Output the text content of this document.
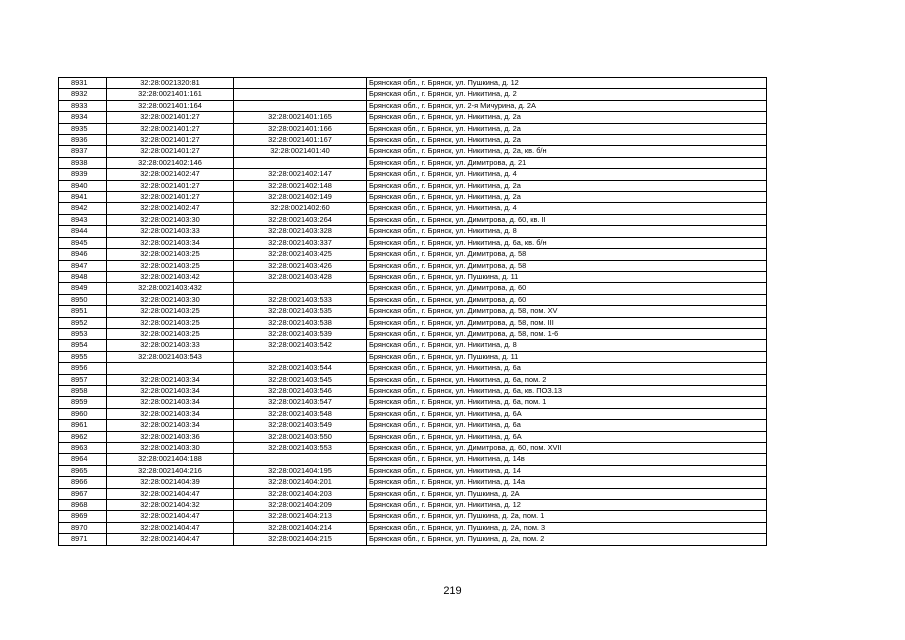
8931	32:28:0021320:81		Брянская обл., г. Брянск, ул. Пушкина, д. 12
8932	32:28:0021401:161		Брянская обл., г. Брянск, ул. Никитина, д. 2
8933	32:28:0021401:164		Брянская обл., г. Брянск, ул. 2-я Мичурина, д. 2А
8934	32:28:0021401:27	32:28:0021401:165	Брянская обл., г. Брянск, ул. Никитина, д. 2а
8935	32:28:0021401:27	32:28:0021401:166	Брянская обл., г. Брянск, ул. Никитина, д. 2а
8936	32:28:0021401:27	32:28:0021401:167	Брянская обл., г. Брянск, ул. Никитина, д. 2а
8937	32:28:0021401:27	32:28:0021401:40	Брянская обл., г. Брянск, ул. Никитина, д. 2а, кв. б/н
8938	32:28:0021402:146		Брянская обл., г. Брянск, ул. Димитрова, д. 21
8939	32:28:0021402:47	32:28:0021402:147	Брянская обл., г. Брянск, ул. Никитина, д. 4
8940	32:28:0021401:27	32:28:0021402:148	Брянская обл., г. Брянск, ул. Никитина, д. 2а
8941	32:28:0021401:27	32:28:0021402:149	Брянская обл., г. Брянск, ул. Никитина, д. 2а
8942	32:28:0021402:47	32:28:0021402:60	Брянская обл., г. Брянск, ул. Никитина, д. 4
8943	32:28:0021403:30	32:28:0021403:264	Брянская обл., г. Брянск, ул. Димитрова, д. 60, кв. II
8944	32:28:0021403:33	32:28:0021403:328	Брянская обл., г. Брянск, ул. Никитина, д. 8
8945	32:28:0021403:34	32:28:0021403:337	Брянская обл., г. Брянск, ул. Никитина, д. 6а, кв. б/н
8946	32:28:0021403:25	32:28:0021403:425	Брянская обл., г. Брянск, ул. Димитрова, д. 58
8947	32:28:0021403:25	32:28:0021403:426	Брянская обл., г. Брянск, ул. Димитрова, д. 58
8948	32:28:0021403:42	32:28:0021403:428	Брянская обл., г. Брянск, ул. Пушкина, д. 11
8949	32:28:0021403:432		Брянская обл., г. Брянск, ул. Димитрова, д. 60
8950	32:28:0021403:30	32:28:0021403:533	Брянская обл., г. Брянск, ул. Димитрова, д. 60
8951	32:28:0021403:25	32:28:0021403:535	Брянская обл., г. Брянск, ул. Димитрова, д. 58, пом. XV
8952	32:28:0021403:25	32:28:0021403:538	Брянская обл., г. Брянск, ул. Димитрова, д. 58, пом. III
8953	32:28:0021403:25	32:28:0021403:539	Брянская обл., г. Брянск, ул. Димитрова, д. 58, пом. 1-6
8954	32:28:0021403:33	32:28:0021403:542	Брянская обл., г. Брянск, ул. Никитина, д. 8
8955	32:28:0021403:543		Брянская обл., г. Брянск, ул. Пушкина, д. 11
8956		32:28:0021403:544	Брянская обл., г. Брянск, ул. Никитина, д. 6а
8957	32:28:0021403:34	32:28:0021403:545	Брянская обл., г. Брянск, ул. Никитина, д. 6а, пом. 2
8958	32:28:0021403:34	32:28:0021403:546	Брянская обл., г. Брянск, ул. Никитина, д. 6а, кв. ПОЗ.13
8959	32:28:0021403:34	32:28:0021403:547	Брянская обл., г. Брянск, ул. Никитина, д. 6а, пом. 1
8960	32:28:0021403:34	32:28:0021403:548	Брянская обл., г. Брянск, ул. Никитина, д. 6А
8961	32:28:0021403:34	32:28:0021403:549	Брянская обл., г. Брянск, ул. Никитина, д. 6а
8962	32:28:0021403:36	32:28:0021403:550	Брянская обл., г. Брянск, ул. Никитина, д. 6А
8963	32:28:0021403:30	32:28:0021403:553	Брянская обл., г. Брянск, ул. Димитрова, д. 60, пом. XVII
8964	32:28:0021404:188		Брянская обл., г. Брянск, ул. Никитина, д. 14в
8965	32:28:0021404:216	32:28:0021404:195	Брянская обл., г. Брянск, ул. Никитина, д. 14
8966	32:28:0021404:39	32:28:0021404:201	Брянская обл., г. Брянск, ул. Никитина, д. 14а
8967	32:28:0021404:47	32:28:0021404:203	Брянская обл., г. Брянск, ул. Пушкина, д. 2А
8968	32:28:0021404:32	32:28:0021404:209	Брянская обл., г. Брянск, ул. Никитина, д. 12
8969	32:28:0021404:47	32:28:0021404:213	Брянская обл., г. Брянск, ул. Пушкина, д. 2а, пом. 1
8970	32:28:0021404:47	32:28:0021404:214	Брянская обл., г. Брянск, ул. Пушкина, д. 2А, пом. 3
8971	32:28:0021404:47	32:28:0021404:215	Брянская обл., г. Брянск, ул. Пушкина, д. 2а, пом. 2
219
